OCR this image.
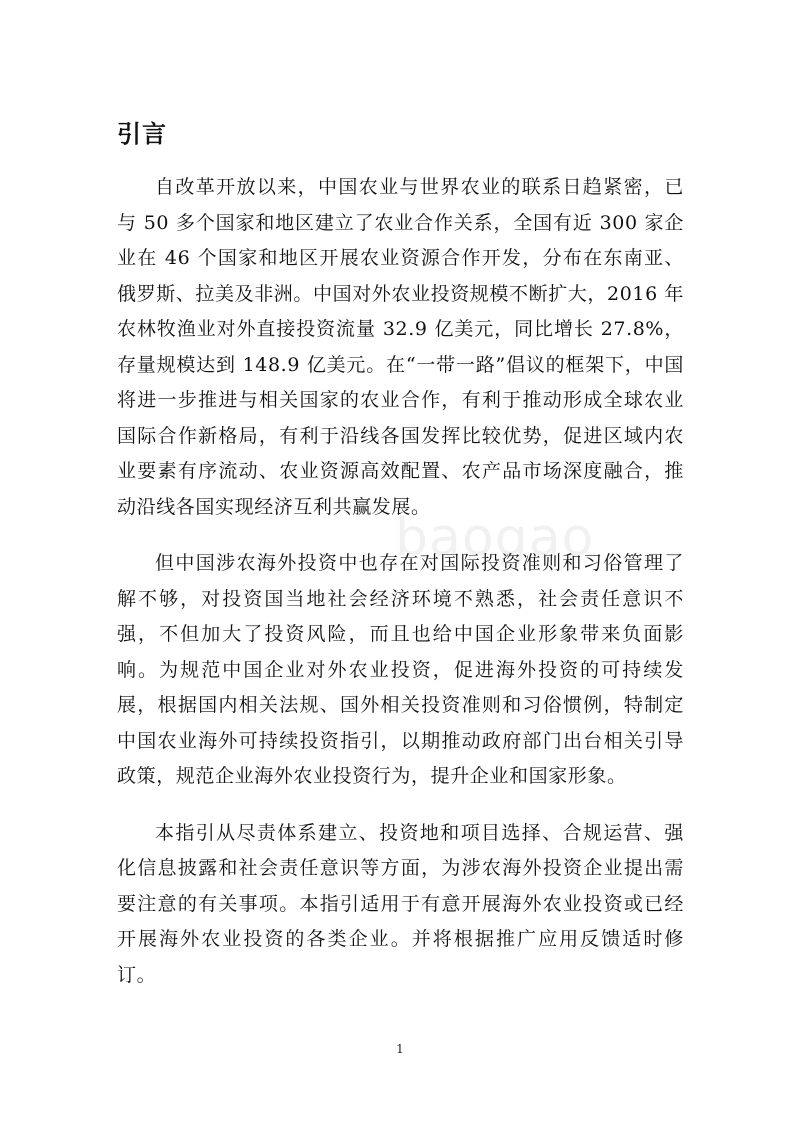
引言

自改革开放以来，中国农业与世界农业的联系日趋紧密，已与 50 多个国家和地区建立了农业合作关系，全国有近 300 家企业在 46 个国家和地区开展农业资源合作开发，分布在东南亚、俄罗斯、拉美及非洲。中国对外农业投资规模不断扩大，2016 年农林牧渔业对外直接投资流量 32.9 亿美元，同比增长 27.8%，存量规模达到 148.9 亿美元。在“一带一路”倡议的框架下，中国将进一步推进与相关国家的农业合作，有利于推动形成全球农业国际合作新格局，有利于沿线各国发挥比较优势，促进区域内农业要素有序流动、农业资源高效配置、农产品市场深度融合，推动沿线各国实现经济互利共赢发展。

但中国涉农海外投资中也存在对国际投资准则和习俗管理了解不够，对投资国当地社会经济环境不熟悉，社会责任意识不强，不但加大了投资风险，而且也给中国企业形象带来负面影响。为规范中国企业对外农业投资，促进海外投资的可持续发展，根据国内相关法规、国外相关投资准则和习俗惯例，特制定中国农业海外可持续投资指引，以期推动政府部门出台相关引导政策，规范企业海外农业投资行为，提升企业和国家形象。

本指引从尽责体系建立、投资地和项目选择、合规运营、强化信息披露和社会责任意识等方面，为涉农海外投资企业提出需要注意的有关事项。本指引适用于有意开展海外农业投资或已经开展海外农业投资的各类企业。并将根据推广应用反馈适时修订。

baogao
1
